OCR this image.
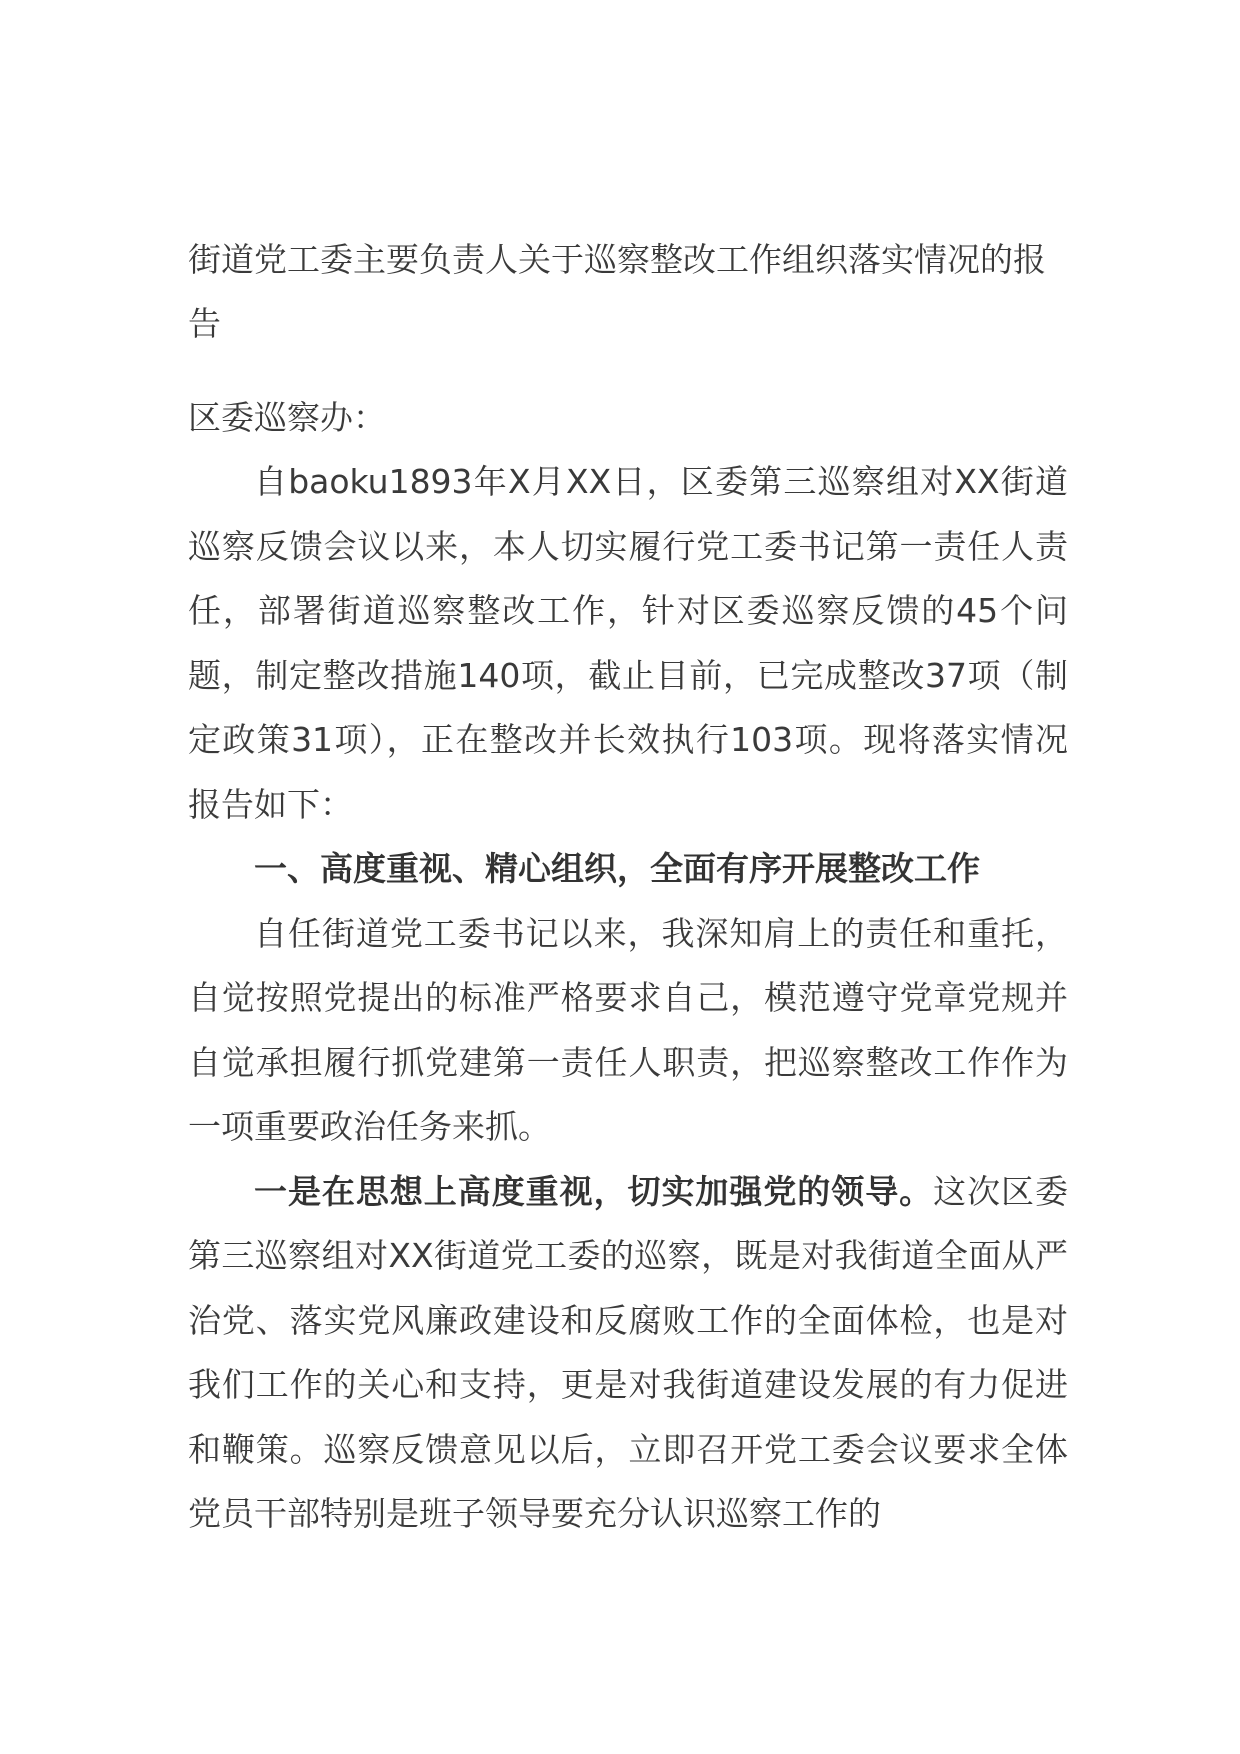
街道党工委主要负责人关于巡察整改工作组织落实情况的报告

区委巡察办：

自baoku1893年X月XX日，区委第三巡察组对XX街道巡察反馈会议以来，本人切实履行党工委书记第一责任人责任，部署街道巡察整改工作，针对区委巡察反馈的45个问题，制定整改措施140项，截止目前，已完成整改37项（制定政策31项），正在整改并长效执行103项。现将落实情况报告如下：

一、高度重视、精心组织，全面有序开展整改工作

自任街道党工委书记以来，我深知肩上的责任和重托，自觉按照党提出的标准严格要求自己，模范遵守党章党规并自觉承担履行抓党建第一责任人职责，把巡察整改工作作为一项重要政治任务来抓。

一是在思想上高度重视，切实加强党的领导。这次区委第三巡察组对XX街道党工委的巡察，既是对我街道全面从严治党、落实党风廉政建设和反腐败工作的全面体检，也是对我们工作的关心和支持，更是对我街道建设发展的有力促进和鞭策。巡察反馈意见以后，立即召开党工委会议要求全体党员干部特别是班子领导要充分认识巡察工作的
